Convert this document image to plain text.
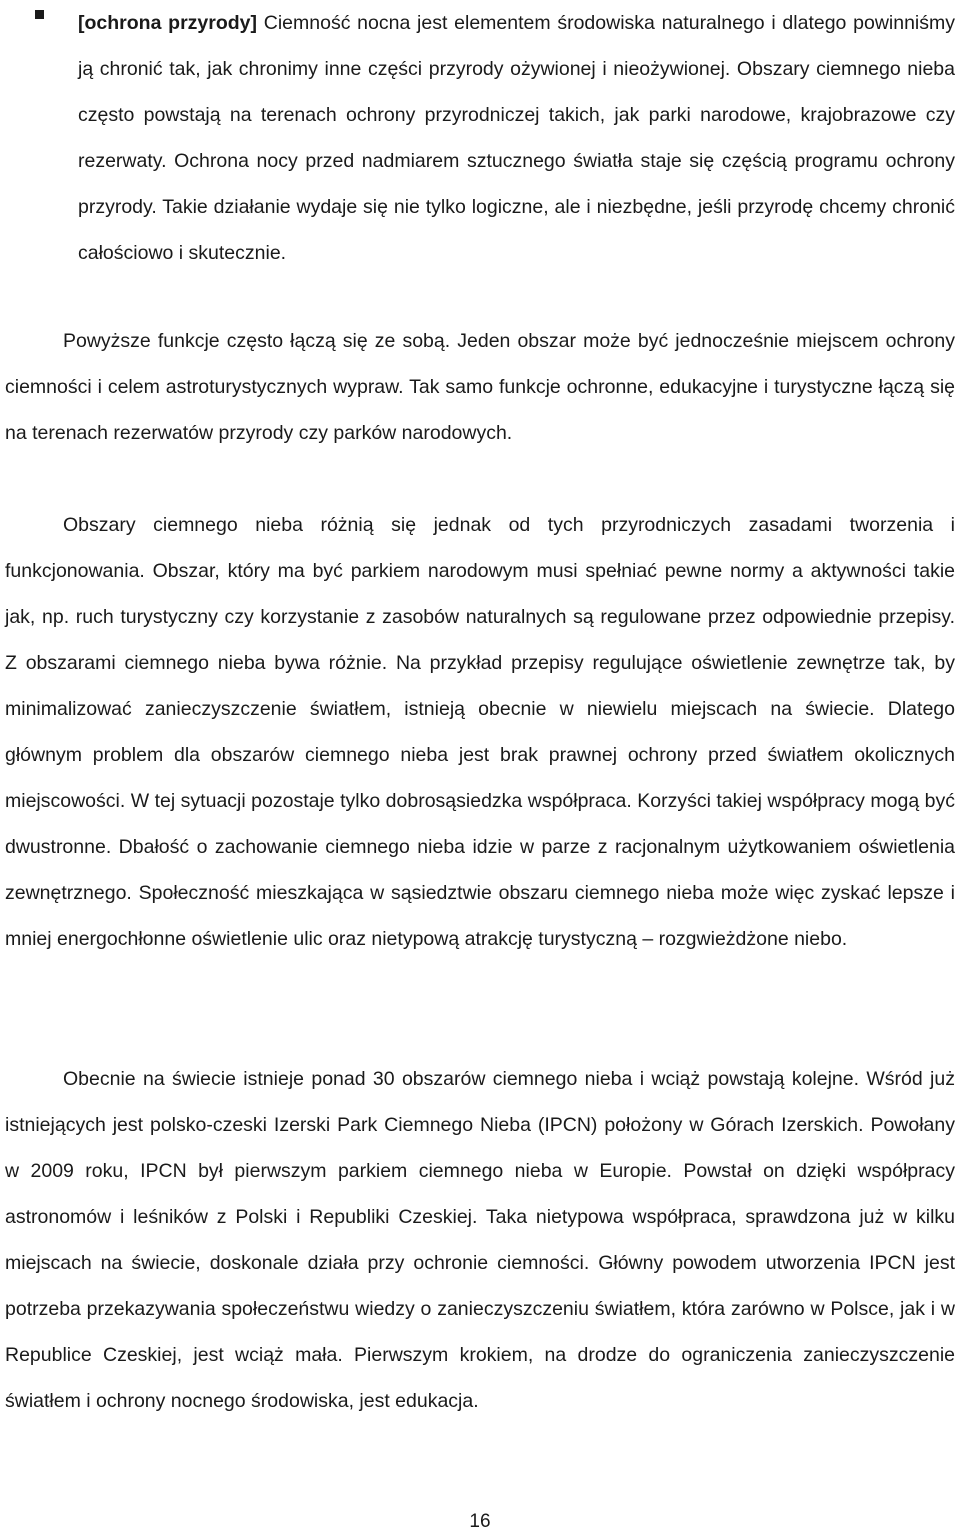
[ochrona przyrody] Ciemność nocna jest elementem środowiska naturalnego i dlatego powinniśmy ją chronić tak, jak chronimy inne części przyrody ożywionej i nieożywionej. Obszary ciemnego nieba często powstają na terenach ochrony przyrodniczej takich, jak parki narodowe, krajobrazowe czy rezerwaty. Ochrona nocy przed nadmiarem sztucznego światła staje się częścią programu ochrony przyrody. Takie działanie wydaje się nie tylko logiczne, ale i niezbędne, jeśli przyrodę chcemy chronić całościowo i skutecznie.

Powyższe funkcje często łączą się ze sobą. Jeden obszar może być jednocześnie miejscem ochrony ciemności i celem astroturystycznych wypraw. Tak samo funkcje ochronne, edukacyjne i turystyczne łączą się na terenach rezerwatów przyrody czy parków narodowych.

Obszary ciemnego nieba różnią się jednak od tych przyrodniczych zasadami tworzenia i funkcjonowania. Obszar, który ma być parkiem narodowym musi spełniać pewne normy a aktywności takie jak, np. ruch turystyczny czy korzystanie z zasobów naturalnych są regulowane przez odpowiednie przepisy. Z obszarami ciemnego nieba bywa różnie. Na przykład przepisy regulujące oświetlenie zewnętrze tak, by minimalizować zanieczyszczenie światłem, istnieją obecnie w niewielu miejscach na świecie. Dlatego głównym problem dla obszarów ciemnego nieba jest brak prawnej ochrony przed światłem okolicznych miejscowości. W tej sytuacji pozostaje tylko dobrosąsiedzka współpraca. Korzyści takiej współpracy mogą być dwustronne. Dbałość o zachowanie ciemnego nieba idzie w parze z racjonalnym użytkowaniem oświetlenia zewnętrznego. Społeczność mieszkająca w sąsiedztwie obszaru ciemnego nieba może więc zyskać lepsze i mniej energochłonne oświetlenie ulic oraz nietypową atrakcję turystyczną – rozgwieżdżone niebo.

Obecnie na świecie istnieje ponad 30 obszarów ciemnego nieba i wciąż powstają kolejne. Wśród już istniejących jest polsko-czeski Izerski Park Ciemnego Nieba (IPCN) położony w Górach Izerskich. Powołany w 2009 roku, IPCN był pierwszym parkiem ciemnego nieba w Europie. Powstał on dzięki współpracy astronomów i leśników z Polski i Republiki Czeskiej. Taka nietypowa współpraca, sprawdzona już w kilku miejscach na świecie, doskonale działa przy ochronie ciemności. Główny powodem utworzenia IPCN jest potrzeba przekazywania społeczeństwu wiedzy o zanieczyszczeniu światłem, która zarówno w Polsce, jak i w Republice Czeskiej, jest wciąż mała. Pierwszym krokiem, na drodze do ograniczenia zanieczyszczenie światłem i ochrony nocnego środowiska, jest edukacja.

16
